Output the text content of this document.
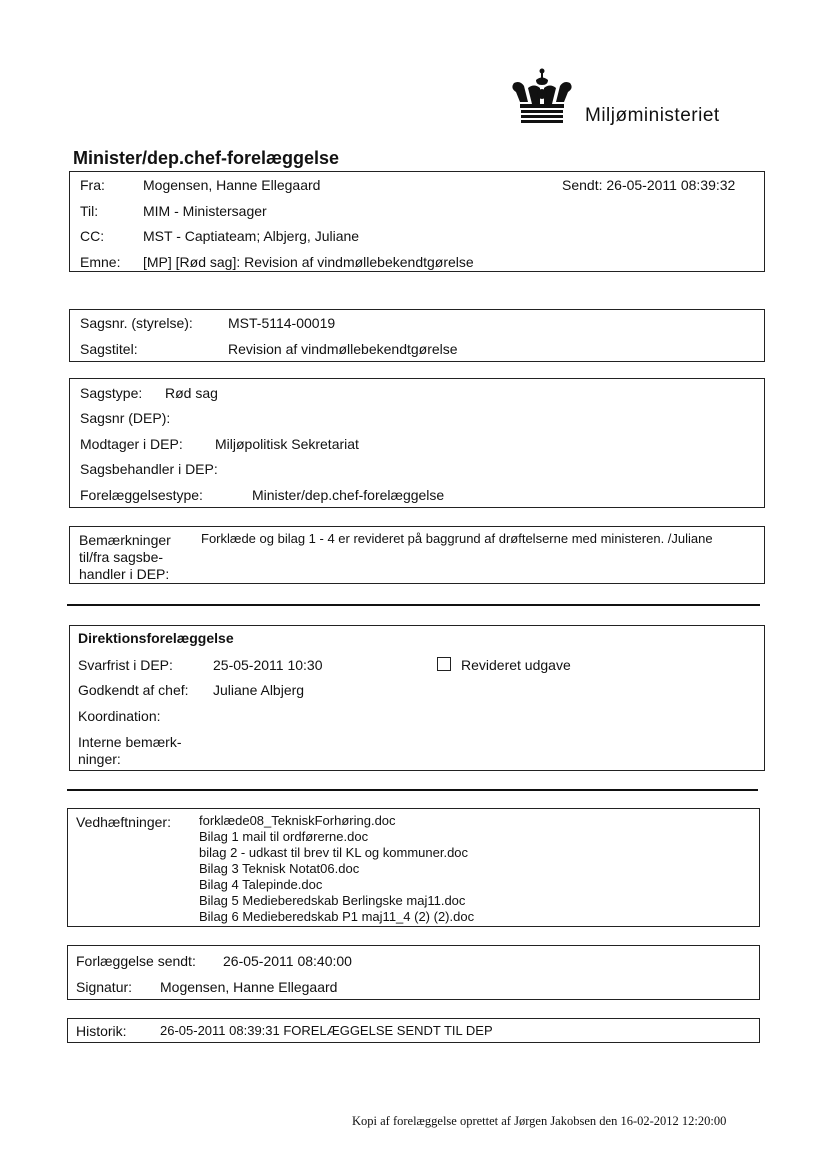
Miljøministeriet
Minister/dep.chef-forelæggelse
Fra:	Mogensen, Hanne Ellegaard	Sendt: 26-05-2011 08:39:32
Til:	MIM - Ministersager
CC:	MST - Captiateam; Albjerg, Juliane
Emne: [MP] [Rød sag]: Revision af vindmøllebekendtgørelse
Sagsnr. (styrelse):	MST-5114-00019
Sagstitel:	Revision af vindmøllebekendtgørelse
Sagstype: Rød sag
Sagsnr (DEP):
Modtager i DEP: Miljøpolitisk Sekretariat
Sagsbehandler i DEP:
Forelæggelsestype:	Minister/dep.chef-forelæggelse
Bemærkninger
til/fra sagsbe-
handler i DEP:
Forklæde og bilag 1 - 4 er revideret på baggrund af drøftelserne med ministeren. /Juliane
Direktionsforelæggelse
Svarfrist i DEP:	25-05-2011 10:30	Revideret udgave
Godkendt af chef: Juliane Albjerg
Koordination:
Interne bemærk-
ninger:
Vedhæftninger: forklæde08_TekniskForhøring.doc
Bilag 1 mail til ordførerne.doc
bilag 2 - udkast til brev til KL og kommuner.doc
Bilag 3 Teknisk Notat06.doc
Bilag 4 Talepinde.doc
Bilag 5 Medieberedskab Berlingske maj11.doc
Bilag 6 Medieberedskab P1 maj11_4 (2) (2).doc
Forlæggelse sendt: 26-05-2011 08:40:00
Signatur: Mogensen, Hanne Ellegaard
Historik:	26-05-2011 08:39:31 FORELÆGGELSE SENDT TIL DEP
Kopi af forelæggelse oprettet af Jørgen Jakobsen den 16-02-2012 12:20:00
